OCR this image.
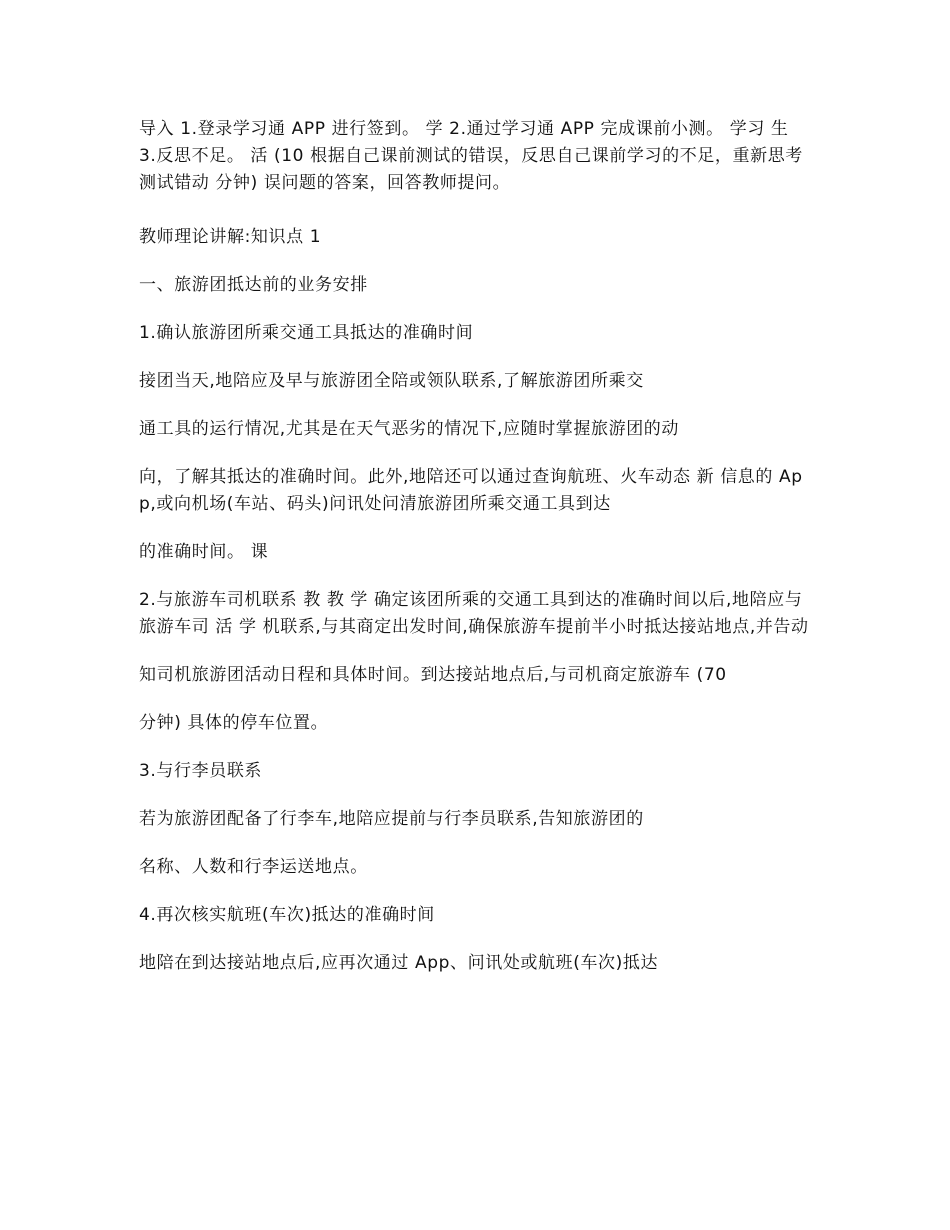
导入 1.登录学习通 APP 进行签到。 学 2.通过学习通 APP 完成课前小测。 学习 生 3.反思不足。 活 (10 根据自己课前测试的错误，反思自己课前学习的不足，重新思考测试错动 分钟) 误问题的答案，回答教师提问。

教师理论讲解:知识点 1

一、旅游团抵达前的业务安排

1.确认旅游团所乘交通工具抵达的准确时间

接团当天,地陪应及早与旅游团全陪或领队联系,了解旅游团所乘交

通工具的运行情况,尤其是在天气恶劣的情况下,应随时掌握旅游团的动

向，了解其抵达的准确时间。此外,地陪还可以通过查询航班、火车动态 新 信息的 App,或向机场(车站、码头)问讯处问清旅游团所乘交通工具到达

的准确时间。 课

2.与旅游车司机联系 教 教 学 确定该团所乘的交通工具到达的准确时间以后,地陪应与旅游车司 活 学 机联系,与其商定出发时间,确保旅游车提前半小时抵达接站地点,并告动

知司机旅游团活动日程和具体时间。到达接站地点后,与司机商定旅游车 (70

分钟) 具体的停车位置。

3.与行李员联系

若为旅游团配备了行李车,地陪应提前与行李员联系,告知旅游团的

名称、人数和行李运送地点。

4.再次核实航班(车次)抵达的准确时间

地陪在到达接站地点后,应再次通过 App、问讯处或航班(车次)抵达
